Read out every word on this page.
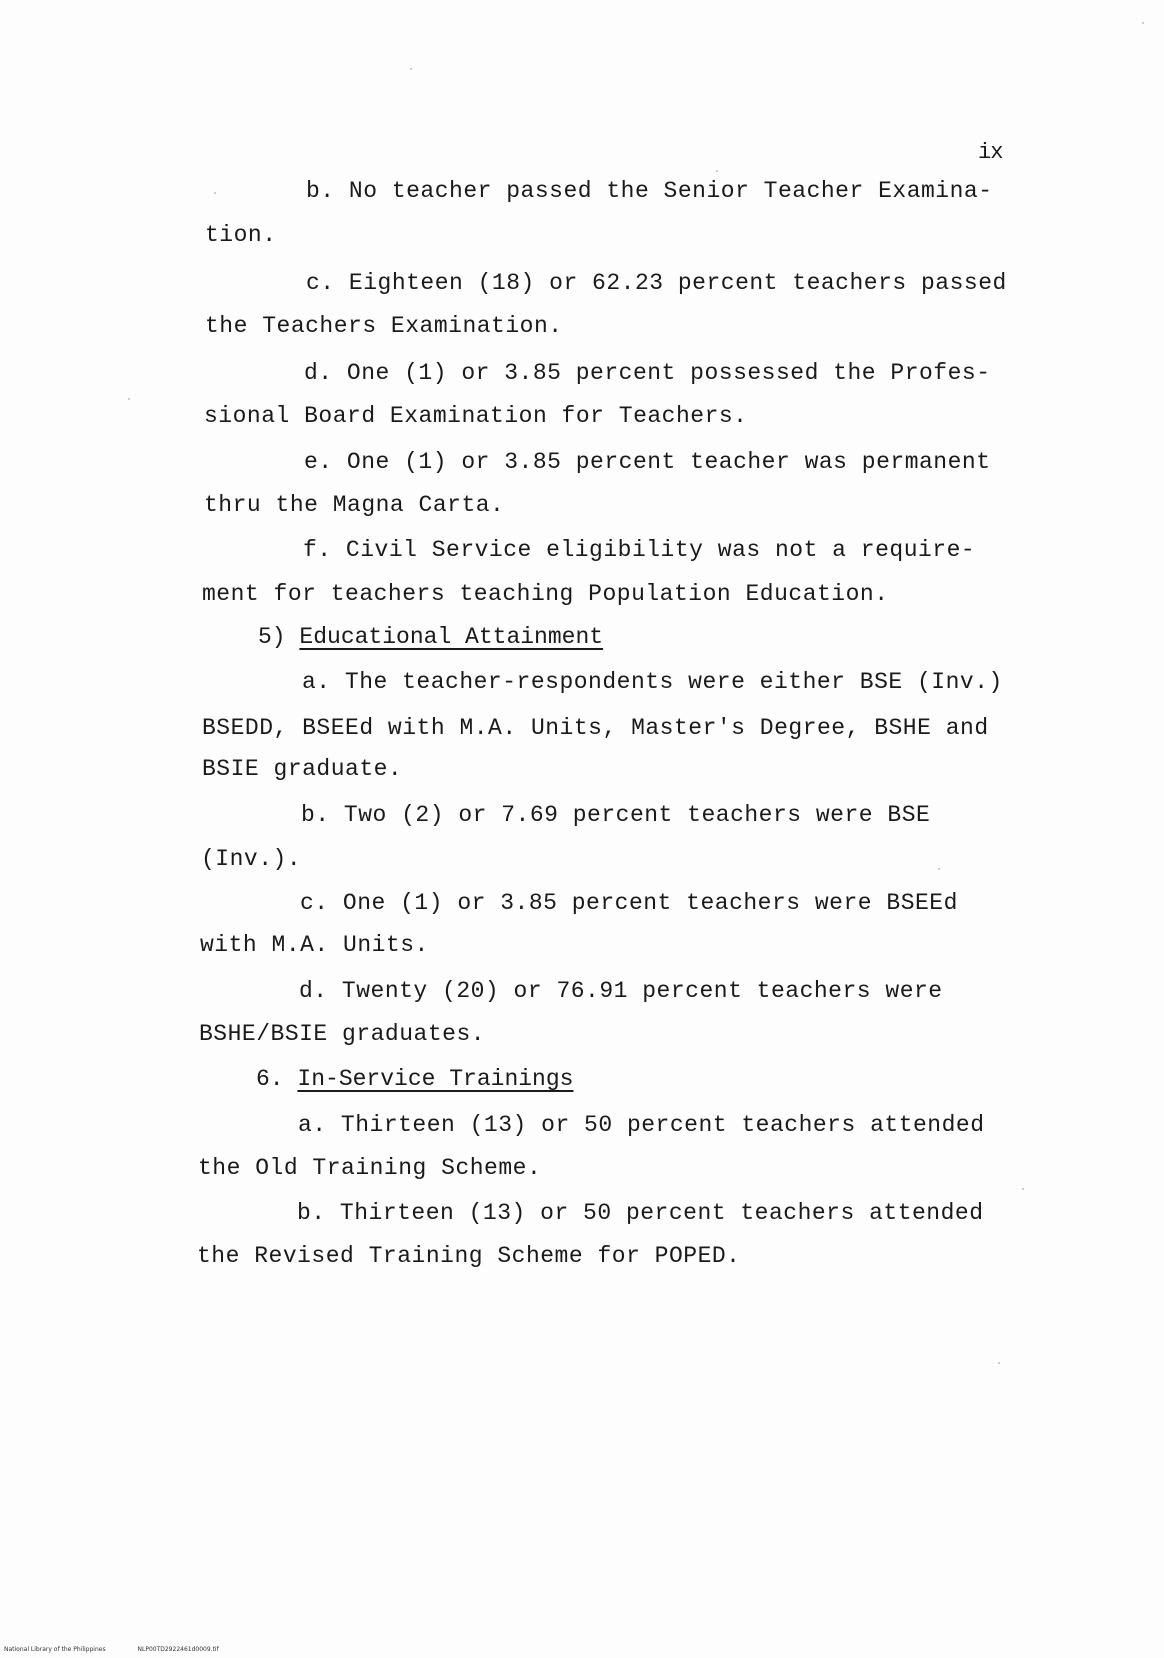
ix
b. No teacher passed the Senior Teacher Examina-
tion.
c. Eighteen (18) or 62.23 percent teachers passed
the Teachers Examination.
d. One (1) or 3.85 percent possessed the Profes-
sional Board Examination for Teachers.
e. One (1) or 3.85 percent teacher was permanent
thru the Magna Carta.
f. Civil Service eligibility was not a require-
ment for teachers teaching Population Education.
5) Educational Attainment
a. The teacher-respondents were either BSE (Inv.)
BSEDD, BSEEd with M.A. Units, Master's Degree, BSHE and
BSIE graduate.
b. Two (2) or 7.69 percent teachers were BSE
(Inv.).
c. One (1) or 3.85 percent teachers were BSEEd
with M.A. Units.
d. Twenty (20) or 76.91 percent teachers were
BSHE/BSIE graduates.
6. In-Service Trainings
a. Thirteen (13) or 50 percent teachers attended
the Old Training Scheme.
b. Thirteen (13) or 50 percent teachers attended
the Revised Training Scheme for POPED.
National Library of the Philippines	NLP00TD2922461d0009.tif
